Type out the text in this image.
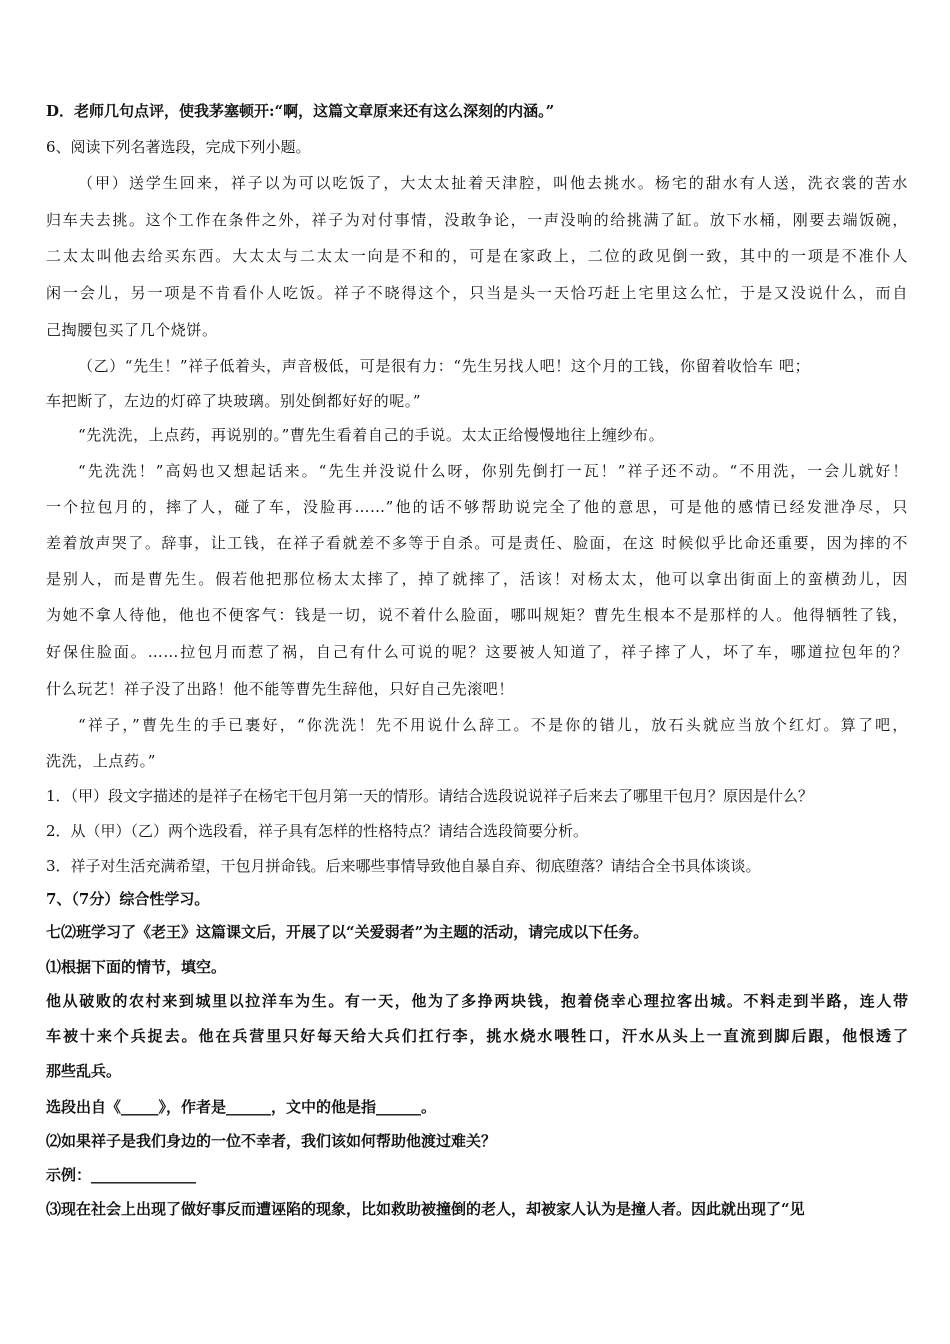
D．老师几句点评，使我茅塞顿开:“啊，这篇文章原来还有这么深刻的内涵。”
6、阅读下列名著选段，完成下列小题。
（甲）送学生回来，祥子以为可以吃饭了，大太太扯着天津腔，叫他去挑水。杨宅的甜水有人送，洗衣裳的苦水
归车夫去挑。这个工作在条件之外，祥子为对付事情，没敢争论，一声没响的给挑满了缸。放下水桶，刚要去端饭碗，
二太太叫他去给买东西。大太太与二太太一向是不和的，可是在家政上，二位的政见倒一致，其中的一项是不准仆人
闲一会儿，另一项是不肯看仆人吃饭。祥子不晓得这个，只当是头一天恰巧赶上宅里这么忙，于是又没说什么，而自
己掏腰包买了几个烧饼。
（乙）“先生！”祥子低着头，声音极低，可是很有力：“先生另找人吧！这个月的工钱，你留着收恰车 吧；
车把断了，左边的灯碎了块玻璃。别处倒都好好的呢。”
“先洗洗，上点药，再说别的。”曹先生看着自己的手说。太太正给慢慢地往上缠纱布。
“先洗洗！”高妈也又想起话来。“先生并没说什么呀，你别先倒打一瓦！”祥子还不动。“不用洗，一会儿就好！
一个拉包月的，摔了人，碰了车，没脸再……”他的话不够帮助说完全了他的意思，可是他的感情已经发泄净尽，只
差着放声哭了。辞事，让工钱，在祥子看就差不多等于自杀。可是责任、脸面，在这 时候似乎比命还重要，因为摔的不
是别人，而是曹先生。假若他把那位杨太太摔了，掉了就摔了，活该！对杨太太，他可以拿出街面上的蛮横劲儿，因
为她不拿人待他，他也不便客气：钱是一切，说不着什么脸面，哪叫规矩？曹先生根本不是那样的人。他得牺牲了钱，
好保住脸面。……拉包月而惹了祸，自己有什么可说的呢？这要被人知道了，祥子摔了人，坏了车，哪道拉包年的？
什么玩艺！祥子没了出路！他不能等曹先生辞他，只好自己先滚吧！
“祥子，”曹先生的手已裹好，“你洗洗！先不用说什么辞工。不是你的错儿，放石头就应当放个红灯。算了吧，
洗洗，上点药。”
1．（甲）段文字描述的是祥子在杨宅干包月第一天的情形。请结合选段说说祥子后来去了哪里干包月？原因是什么？
2．从（甲）（乙）两个选段看，祥子具有怎样的性格特点？请结合选段简要分析。
3．祥子对生活充满希望，干包月拼命钱。后来哪些事情导致他自暴自弃、彻底堕落？请结合全书具体谈谈。
7、（7分）综合性学习。
七⑵班学习了《老王》这篇课文后，开展了以“关爱弱者”为主题的活动，请完成以下任务。
⑴根据下面的情节，填空。
他从破败的农村来到城里以拉洋车为生。有一天，他为了多挣两块钱，抱着侥幸心理拉客出城。不料走到半路，连人带
车被十来个兵捉去。他在兵营里只好每天给大兵们扛行李，挑水烧水喂牲口，汗水从头上一直流到脚后跟，他恨透了
那些乱兵。
选段出自《_____》，作者是______，文中的他是指______。
⑵如果祥子是我们身边的一位不幸者，我们该如何帮助他渡过难关？
示例：______________
⑶现在社会上出现了做好事反而遭诬陷的现象，比如救助被撞倒的老人，却被家人认为是撞人者。因此就出现了“见
